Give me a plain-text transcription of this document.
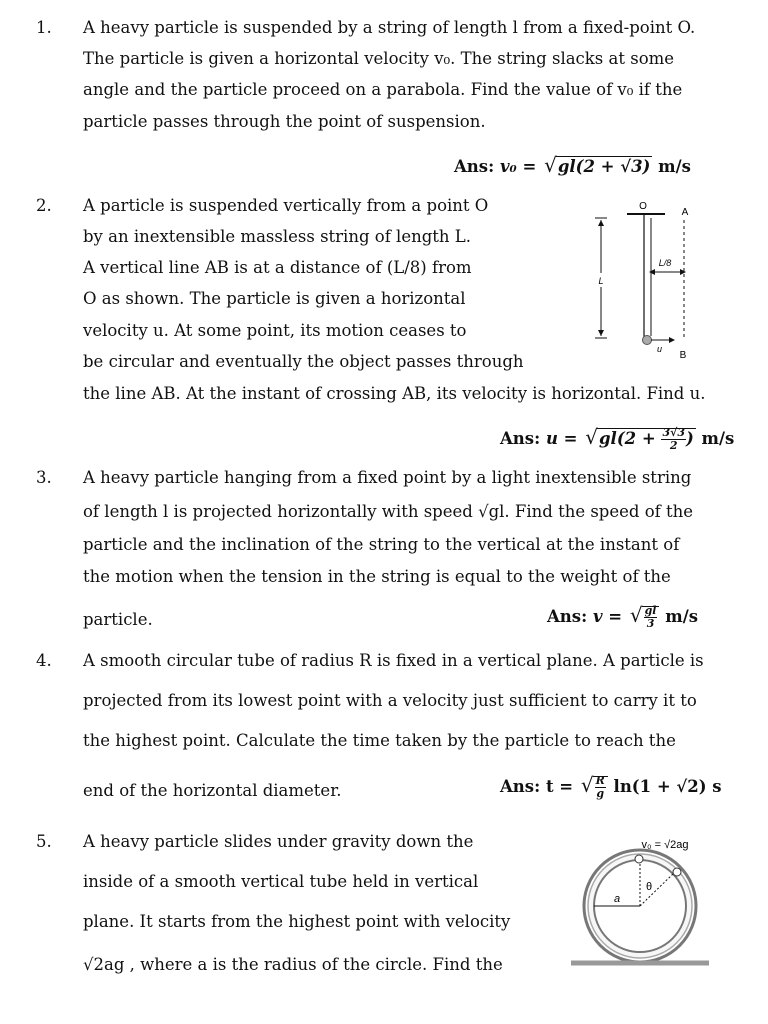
1. A heavy particle is suspended by a string of length l from a fixed-point O.
The particle is given a horizontal velocity v₀. The string slacks at some
angle and the particle proceed on a parabola. Find the value of v₀ if the
particle passes through the point of suspension.
Ans: v₀ = √gl(2 + √3) m/s
2. A particle is suspended vertically from a point O
by an inextensible massless string of length L.
A vertical line AB is at a distance of (L/8) from
O as shown. The particle is given a horizontal
velocity u. At some point, its motion ceases to
be circular and eventually the object passes through
the line AB. At the instant of crossing AB, its velocity is horizontal. Find u.
O
A
B
u
L/8
L
Ans: $u = √gl(2 + \frac{3√3}{2}$ ) m/s
3. A heavy particle hanging from a fixed point by a light inextensible string
of length l is projected horizontally with speed √gl. Find the speed of the
particle and the inclination of the string to the vertical at the instant of
the motion when the tension in the string is equal to the weight of the
particle.	Ans: v = √ $\frac{gl}{3} m/s$
4. A smooth circular tube of radius R is fixed in a vertical plane. A particle is
projected from its lowest point with a velocity just sufficient to carry it to
the highest point. Calculate the time taken by the particle to reach the
end of the horizontal diameter.	Ans: t = √ $\frac{R}{g} \ln(1 + √2)$ s
5. A heavy particle slides under gravity down the
inside of a smooth vertical tube held in vertical
plane. It starts from the highest point with velocity
√2ag , where a is the radius of the circle. Find the
v₀ = √2ag
θ
a
